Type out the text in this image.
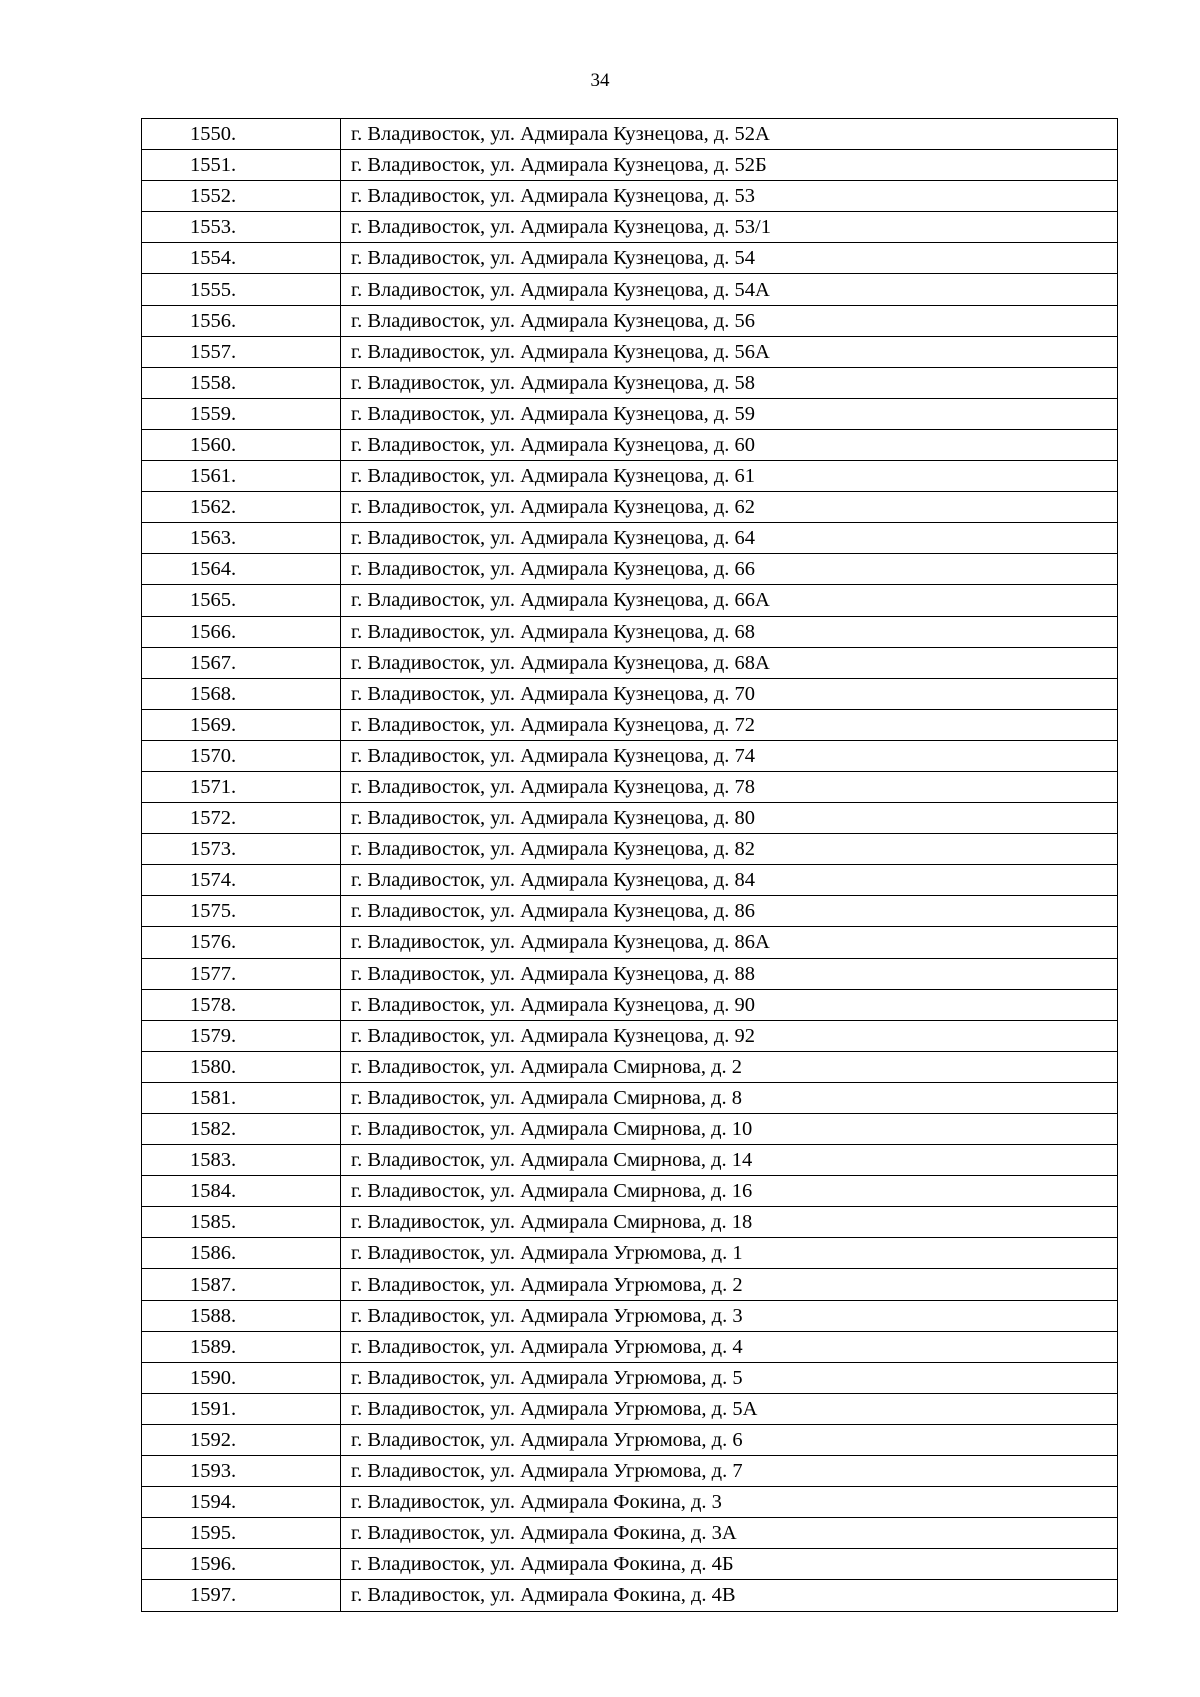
34
1550.	г. Владивосток, ул. Адмирала Кузнецова, д. 52А
1551.	г. Владивосток, ул. Адмирала Кузнецова, д. 52Б
1552.	г. Владивосток, ул. Адмирала Кузнецова, д. 53
1553.	г. Владивосток, ул. Адмирала Кузнецова, д. 53/1
1554.	г. Владивосток, ул. Адмирала Кузнецова, д. 54
1555.	г. Владивосток, ул. Адмирала Кузнецова, д. 54А
1556.	г. Владивосток, ул. Адмирала Кузнецова, д. 56
1557.	г. Владивосток, ул. Адмирала Кузнецова, д. 56А
1558.	г. Владивосток, ул. Адмирала Кузнецова, д. 58
1559.	г. Владивосток, ул. Адмирала Кузнецова, д. 59
1560.	г. Владивосток, ул. Адмирала Кузнецова, д. 60
1561.	г. Владивосток, ул. Адмирала Кузнецова, д. 61
1562.	г. Владивосток, ул. Адмирала Кузнецова, д. 62
1563.	г. Владивосток, ул. Адмирала Кузнецова, д. 64
1564.	г. Владивосток, ул. Адмирала Кузнецова, д. 66
1565.	г. Владивосток, ул. Адмирала Кузнецова, д. 66А
1566.	г. Владивосток, ул. Адмирала Кузнецова, д. 68
1567.	г. Владивосток, ул. Адмирала Кузнецова, д. 68А
1568.	г. Владивосток, ул. Адмирала Кузнецова, д. 70
1569.	г. Владивосток, ул. Адмирала Кузнецова, д. 72
1570.	г. Владивосток, ул. Адмирала Кузнецова, д. 74
1571.	г. Владивосток, ул. Адмирала Кузнецова, д. 78
1572.	г. Владивосток, ул. Адмирала Кузнецова, д. 80
1573.	г. Владивосток, ул. Адмирала Кузнецова, д. 82
1574.	г. Владивосток, ул. Адмирала Кузнецова, д. 84
1575.	г. Владивосток, ул. Адмирала Кузнецова, д. 86
1576.	г. Владивосток, ул. Адмирала Кузнецова, д. 86А
1577.	г. Владивосток, ул. Адмирала Кузнецова, д. 88
1578.	г. Владивосток, ул. Адмирала Кузнецова, д. 90
1579.	г. Владивосток, ул. Адмирала Кузнецова, д. 92
1580.	г. Владивосток, ул. Адмирала Смирнова, д. 2
1581.	г. Владивосток, ул. Адмирала Смирнова, д. 8
1582.	г. Владивосток, ул. Адмирала Смирнова, д. 10
1583.	г. Владивосток, ул. Адмирала Смирнова, д. 14
1584.	г. Владивосток, ул. Адмирала Смирнова, д. 16
1585.	г. Владивосток, ул. Адмирала Смирнова, д. 18
1586.	г. Владивосток, ул. Адмирала Угрюмова, д. 1
1587.	г. Владивосток, ул. Адмирала Угрюмова, д. 2
1588.	г. Владивосток, ул. Адмирала Угрюмова, д. 3
1589.	г. Владивосток, ул. Адмирала Угрюмова, д. 4
1590.	г. Владивосток, ул. Адмирала Угрюмова, д. 5
1591.	г. Владивосток, ул. Адмирала Угрюмова, д. 5А
1592.	г. Владивосток, ул. Адмирала Угрюмова, д. 6
1593.	г. Владивосток, ул. Адмирала Угрюмова, д. 7
1594.	г. Владивосток, ул. Адмирала Фокина, д. 3
1595.	г. Владивосток, ул. Адмирала Фокина, д. 3А
1596.	г. Владивосток, ул. Адмирала Фокина, д. 4Б
1597.	г. Владивосток, ул. Адмирала Фокина, д. 4В
